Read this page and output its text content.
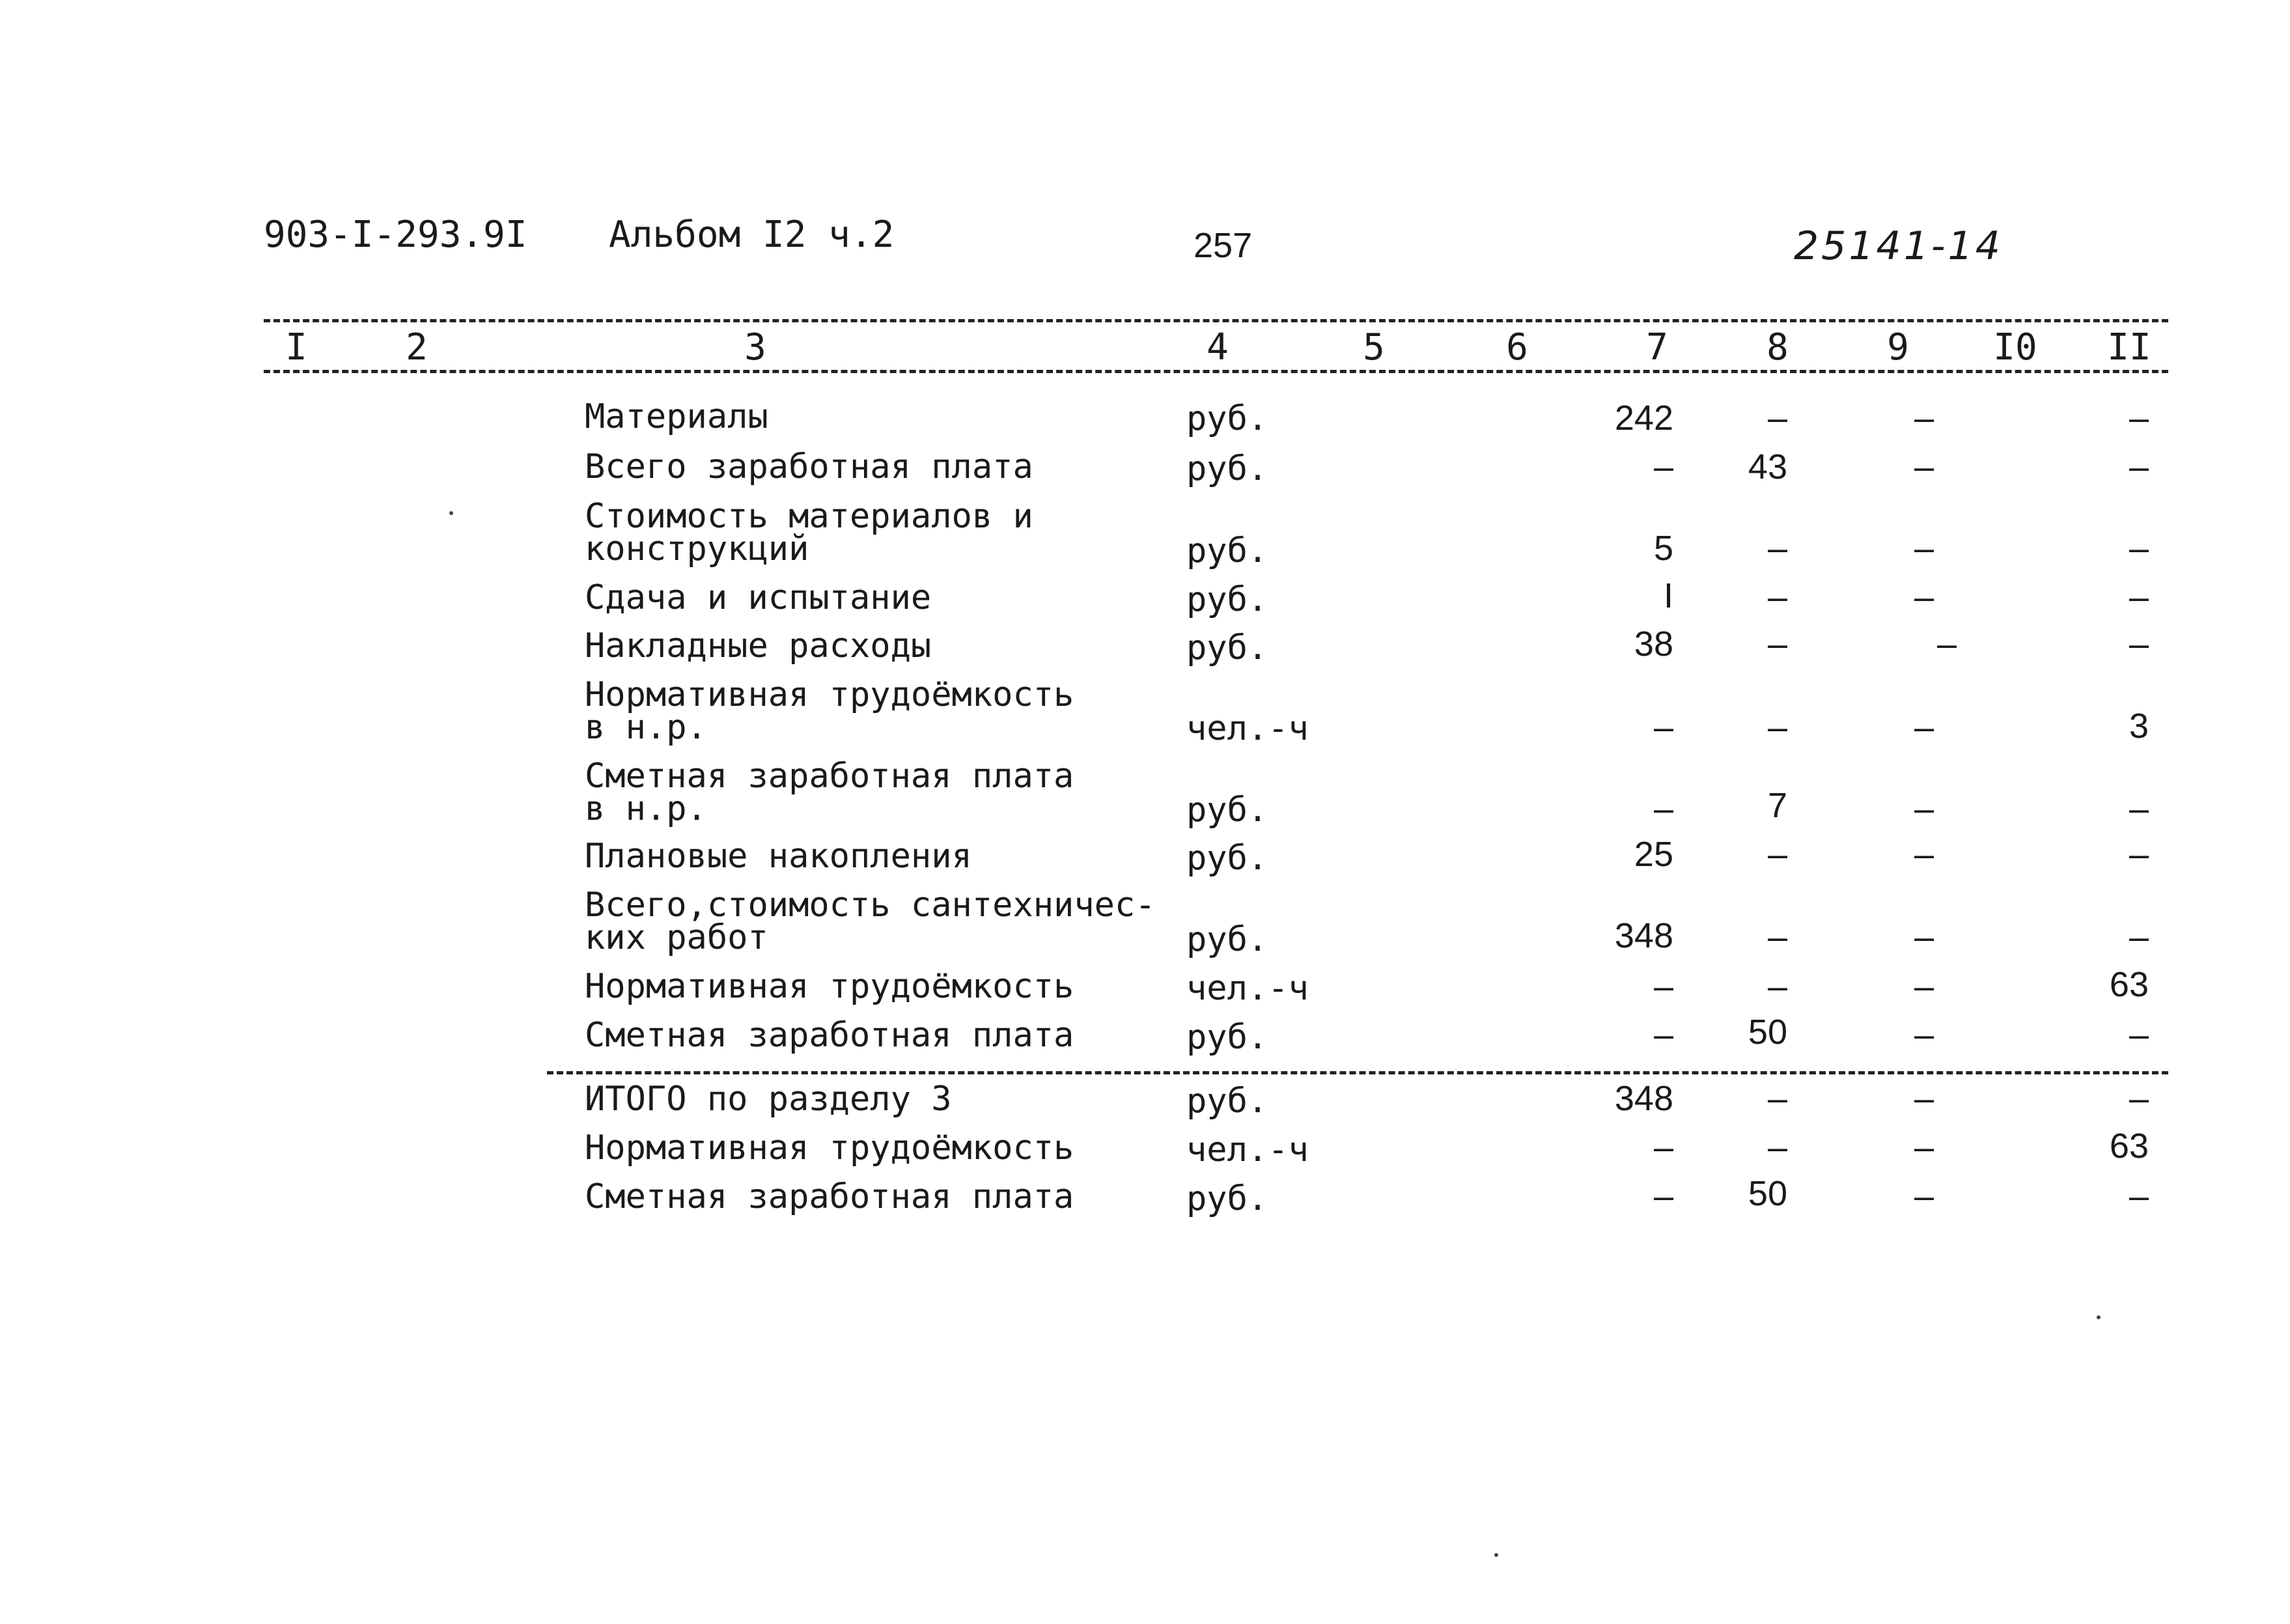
903-I-293.9I Альбом I2 ч.2	257	25141-14
I	2	3	4	5	6	7	8	9	I0	II
Материалы	руб.	242	–	–	–
Всего заработная плата	руб.	–	43	–	–
Стоимость материалов и
конструкций	руб.	5	–	–	–
Сдача и испытание	руб.	I	–	–	–
Накладные расходы	руб.	38	–	–	–
Нормативная трудоёмкость
в н.р.	чел.-ч	–	–	–	3
Сметная заработная плата
в н.р.	руб.	–	7	–	–
Плановые накопления	руб.	25	–	–	–
Всего,стоимость сантехничес-
ких работ	руб.	348	–	–	–
Нормативная трудоёмкость	чел.-ч	–	–	–	63
Сметная заработная плата	руб.	–	50	–	–
ИТОГО по разделу 3	руб.	348	–	–	–
Нормативная трудоёмкость	чел.-ч	–	–	–	63
Сметная заработная плата	руб.	–	50	–	–
